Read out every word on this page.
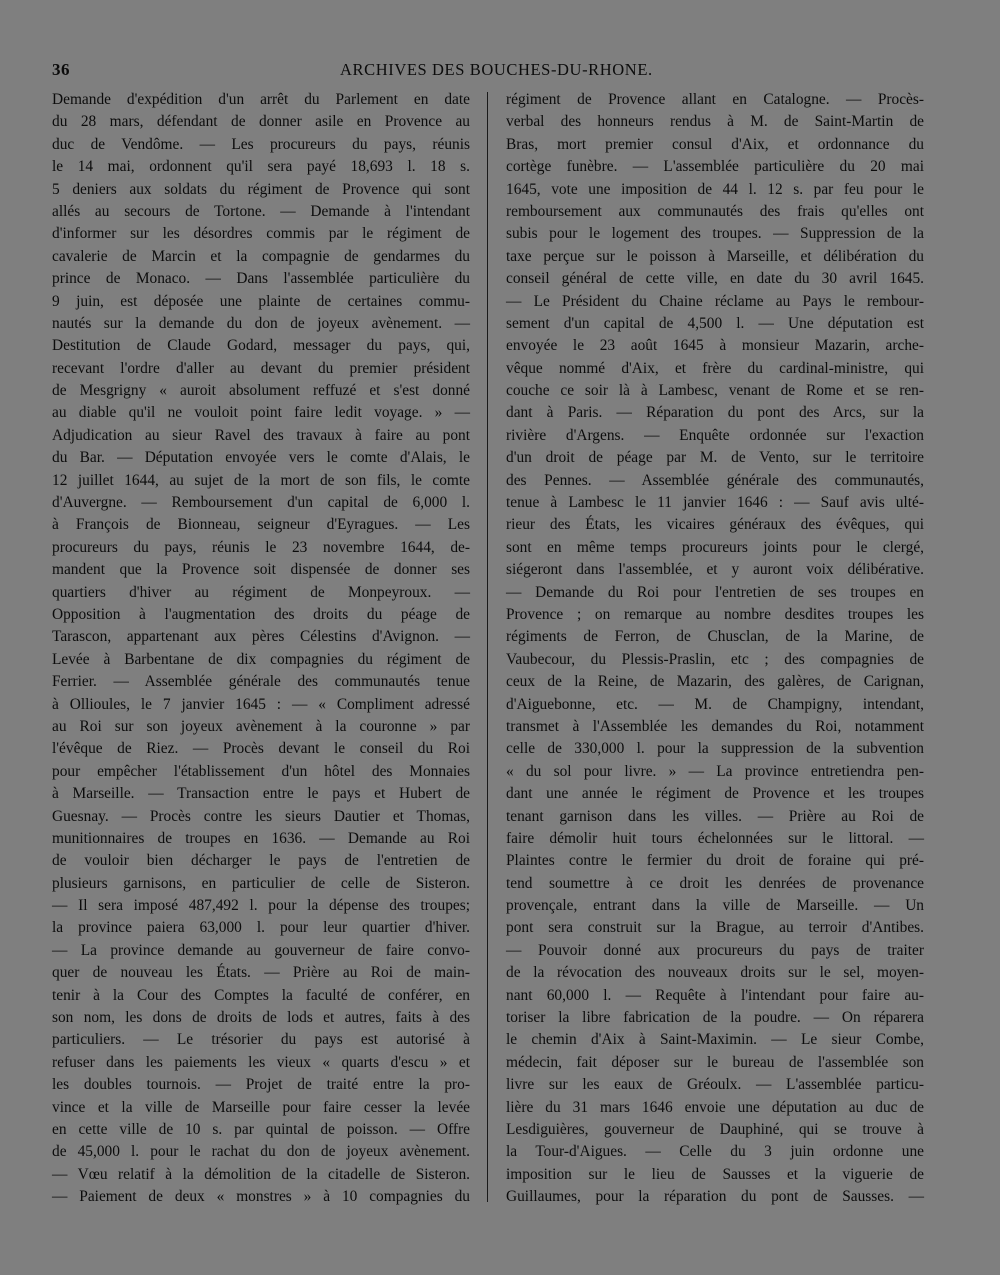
36	ARCHIVES DES BOUCHES-DU-RHONE.
Demande d'expédition d'un arrêt du Parlement en date
du 28 mars, défendant de donner asile en Provence au
duc de Vendôme. — Les procureurs du pays, réunis
le 14 mai, ordonnent qu'il sera payé 18,693 l. 18 s.
5 deniers aux soldats du régiment de Provence qui sont
allés au secours de Tortone. — Demande à l'intendant
d'informer sur les désordres commis par le régiment de
cavalerie de Marcin et la compagnie de gendarmes du
prince de Monaco. — Dans l'assemblée particulière du
9 juin, est déposée une plainte de certaines commu-
nautés sur la demande du don de joyeux avènement. —
Destitution de Claude Godard, messager du pays, qui,
recevant l'ordre d'aller au devant du premier président
de Mesgrigny « auroit absolument reffuzé et s'est donné
au diable qu'il ne vouloit point faire ledit voyage. » —
Adjudication au sieur Ravel des travaux à faire au pont
du Bar. — Députation envoyée vers le comte d'Alais, le
12 juillet 1644, au sujet de la mort de son fils, le comte
d'Auvergne. — Remboursement d'un capital de 6,000 l.
à François de Bionneau, seigneur d'Eyragues. — Les
procureurs du pays, réunis le 23 novembre 1644, de-
mandent que la Provence soit dispensée de donner ses
quartiers d'hiver au régiment de Monpeyroux. —
Opposition à l'augmentation des droits du péage de
Tarascon, appartenant aux pères Célestins d'Avignon. —
Levée à Barbentane de dix compagnies du régiment de
Ferrier. — Assemblée générale des communautés tenue
à Ollioules, le 7 janvier 1645 : — « Compliment adressé
au Roi sur son joyeux avènement à la couronne » par
l'évêque de Riez. — Procès devant le conseil du Roi
pour empêcher l'établissement d'un hôtel des Monnaies
à Marseille. — Transaction entre le pays et Hubert de
Guesnay. — Procès contre les sieurs Dautier et Thomas,
munitionnaires de troupes en 1636. — Demande au Roi
de vouloir bien décharger le pays de l'entretien de
plusieurs garnisons, en particulier de celle de Sisteron.
— Il sera imposé 487,492 l. pour la dépense des troupes;
la province paiera 63,000 l. pour leur quartier d'hiver.
— La province demande au gouverneur de faire convo-
quer de nouveau les États. — Prière au Roi de main-
tenir à la Cour des Comptes la faculté de conférer, en
son nom, les dons de droits de lods et autres, faits à des
particuliers. — Le trésorier du pays est autorisé à
refuser dans les paiements les vieux « quarts d'escu » et
les doubles tournois. — Projet de traité entre la pro-
vince et la ville de Marseille pour faire cesser la levée
en cette ville de 10 s. par quintal de poisson. — Offre
de 45,000 l. pour le rachat du don de joyeux avènement.
— Vœu relatif à la démolition de la citadelle de Sisteron.
— Paiement de deux « monstres » à 10 compagnies du
régiment de Provence allant en Catalogne. — Procès-
verbal des honneurs rendus à M. de Saint-Martin de
Bras, mort premier consul d'Aix, et ordonnance du
cortège funèbre. — L'assemblée particulière du 20 mai
1645, vote une imposition de 44 l. 12 s. par feu pour le
remboursement aux communautés des frais qu'elles ont
subis pour le logement des troupes. — Suppression de la
taxe perçue sur le poisson à Marseille, et délibération du
conseil général de cette ville, en date du 30 avril 1645.
— Le Président du Chaine réclame au Pays le rembour-
sement d'un capital de 4,500 l. — Une députation est
envoyée le 23 août 1645 à monsieur Mazarin, arche-
vêque nommé d'Aix, et frère du cardinal-ministre, qui
couche ce soir là à Lambesc, venant de Rome et se ren-
dant à Paris. — Réparation du pont des Arcs, sur la
rivière d'Argens. — Enquête ordonnée sur l'exaction
d'un droit de péage par M. de Vento, sur le territoire
des Pennes. — Assemblée générale des communautés,
tenue à Lambesc le 11 janvier 1646 : — Sauf avis ulté-
rieur des États, les vicaires généraux des évêques, qui
sont en même temps procureurs joints pour le clergé,
siégeront dans l'assemblée, et y auront voix délibérative.
— Demande du Roi pour l'entretien de ses troupes en
Provence ; on remarque au nombre desdites troupes les
régiments de Ferron, de Chusclan, de la Marine, de
Vaubecour, du Plessis-Praslin, etc ; des compagnies de
ceux de la Reine, de Mazarin, des galères, de Carignan,
d'Aiguebonne, etc. — M. de Champigny, intendant,
transmet à l'Assemblée les demandes du Roi, notamment
celle de 330,000 l. pour la suppression de la subvention
« du sol pour livre. » — La province entretiendra pen-
dant une année le régiment de Provence et les troupes
tenant garnison dans les villes. — Prière au Roi de
faire démolir huit tours échelonnées sur le littoral. —
Plaintes contre le fermier du droit de foraine qui pré-
tend soumettre à ce droit les denrées de provenance
provençale, entrant dans la ville de Marseille. — Un
pont sera construit sur la Brague, au terroir d'Antibes.
— Pouvoir donné aux procureurs du pays de traiter
de la révocation des nouveaux droits sur le sel, moyen-
nant 60,000 l. — Requête à l'intendant pour faire au-
toriser la libre fabrication de la poudre. — On réparera
le chemin d'Aix à Saint-Maximin. — Le sieur Combe,
médecin, fait déposer sur le bureau de l'assemblée son
livre sur les eaux de Gréoulx. — L'assemblée particu-
lière du 31 mars 1646 envoie une députation au duc de
Lesdiguières, gouverneur de Dauphiné, qui se trouve à
la Tour-d'Aigues. — Celle du 3 juin ordonne une
imposition sur le lieu de Sausses et la viguerie de
Guillaumes, pour la réparation du pont de Sausses. —
